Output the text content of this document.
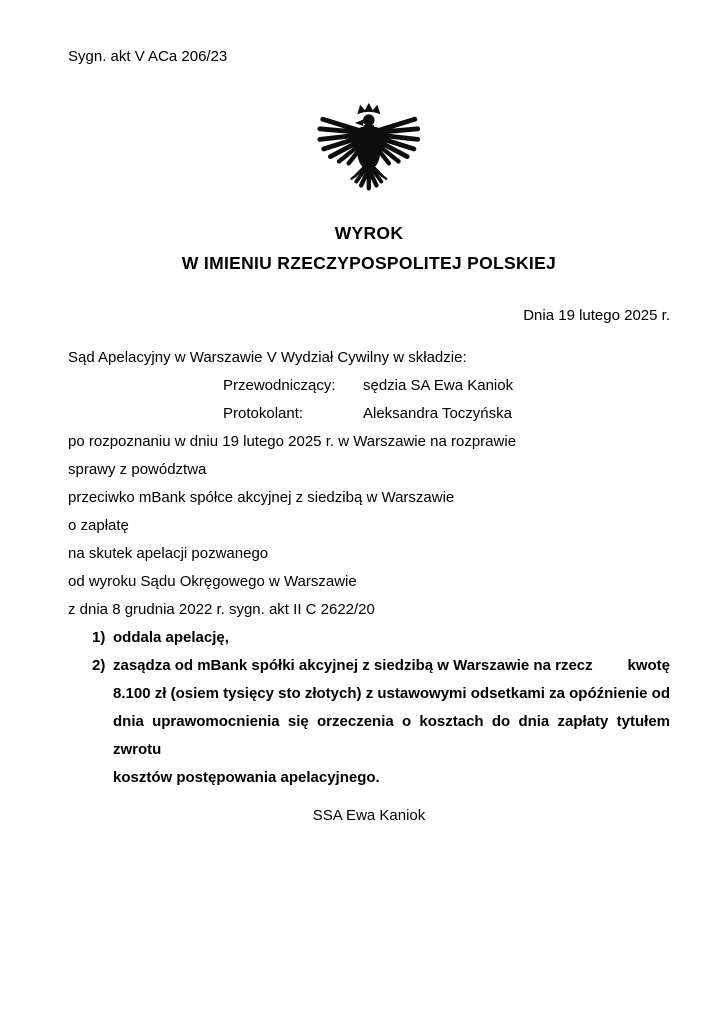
Sygn. akt V ACa 206/23
WYROK
W IMIENIU RZECZYPOSPOLITEJ POLSKIEJ
Dnia 19 lutego 2025 r.
Sąd Apelacyjny w Warszawie V Wydział Cywilny w składzie:
Przewodniczący:	sędzia SA Ewa Kaniok
Protokolant:	Aleksandra Toczyńska
po rozpoznaniu w dniu 19 lutego 2025 r. w Warszawie na rozprawie
sprawy z powództwa
przeciwko mBank spółce akcyjnej z siedzibą w Warszawie
o zapłatę
na skutek apelacji pozwanego
od wyroku Sądu Okręgowego w Warszawie
z dnia 8 grudnia 2022 r. sygn. akt II C 2622/20
1) oddala apelację,
2) zasądza od mBank spółki akcyjnej z siedzibą w Warszawie na rzecz kwotę
8.100 zł (osiem tysięcy sto złotych) z ustawowymi odsetkami za opóźnienie od
dnia uprawomocnienia się orzeczenia o kosztach do dnia zapłaty tytułem zwrotu
kosztów postępowania apelacyjnego.
SSA Ewa Kaniok
